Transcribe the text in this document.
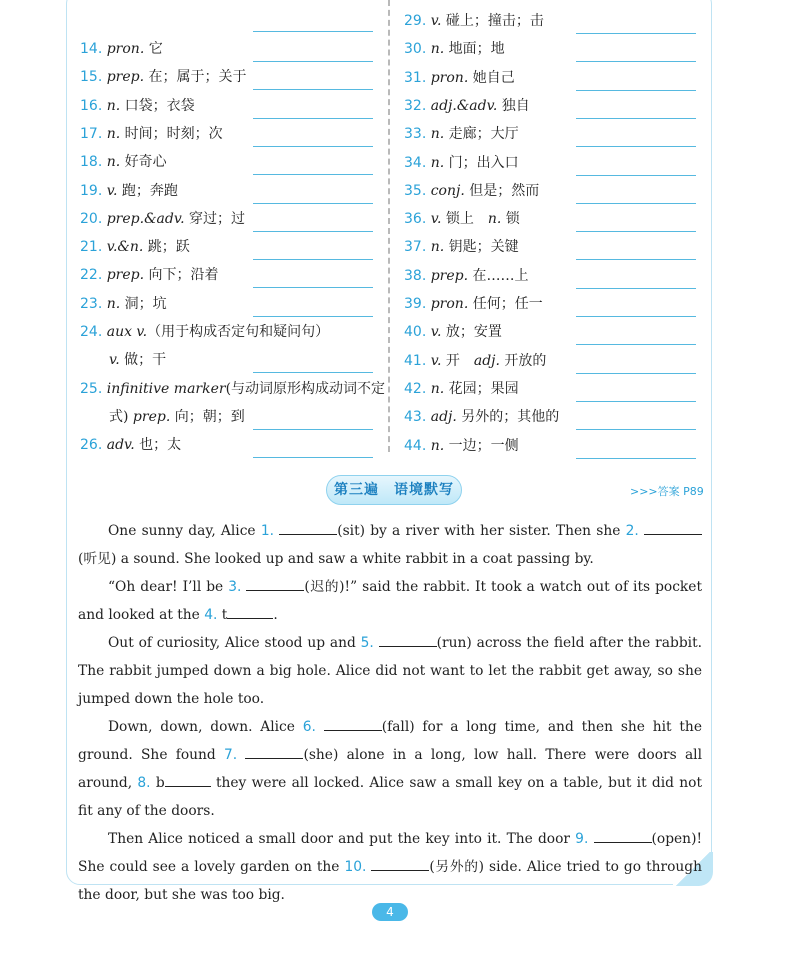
14. pron. 它
15. prep. 在；属于；关于
16. n. 口袋；衣袋
17. n. 时间；时刻；次
18. n. 好奇心
19. v. 跑；奔跑
20. prep.&adv. 穿过；过
21. v.&n. 跳；跃
22. prep. 向下；沿着
23. n. 洞；坑
24. aux v.（用于构成否定句和疑问句）
v. 做；干
25. infinitive marker(与动词原形构成动词不定
式) prep. 向；朝；到
26. adv. 也；太
29. v. 碰上；撞击；击
30. n. 地面；地
31. pron. 她自己
32. adj.&adv. 独自
33. n. 走廊；大厅
34. n. 门；出入口
35. conj. 但是；然而
36. v. 锁上　n. 锁
37. n. 钥匙；关键
38. prep. 在……上
39. pron. 任何；任一
40. v. 放；安置
41. v. 开　adj. 开放的
42. n. 花园；果园
43. adj. 另外的；其他的
44. n. 一边；一侧
第三遍　语境默写	>>>答案 P89

One sunny day, Alice 1.	(sit) by a river with her sister. Then she 2. (听见) a sound. She looked up and saw a white rabbit in a coat passing by.

“Oh dear! I’ll be 3.	(迟的)!” said the rabbit. It took a watch out of its pocket and looked at the 4. t	.

Out of curiosity, Alice stood up and 5.	(run) across the field after the rabbit. The rabbit jumped down a big hole. Alice did not want to let the rabbit get away, so she jumped down the hole too.

Down, down, down. Alice 6.	(fall) for a long time, and then she hit the ground. She found 7.	(she) alone in a long, low hall. There were doors all around, 8. b	they were all locked. Alice saw a small key on a table, but it did not fit any of the doors.

Then Alice noticed a small door and put the key into it. The door 9.	(open)! She could see a lovely garden on the 10.	(另外的) side. Alice tried to go through the door, but she was too big.

4
